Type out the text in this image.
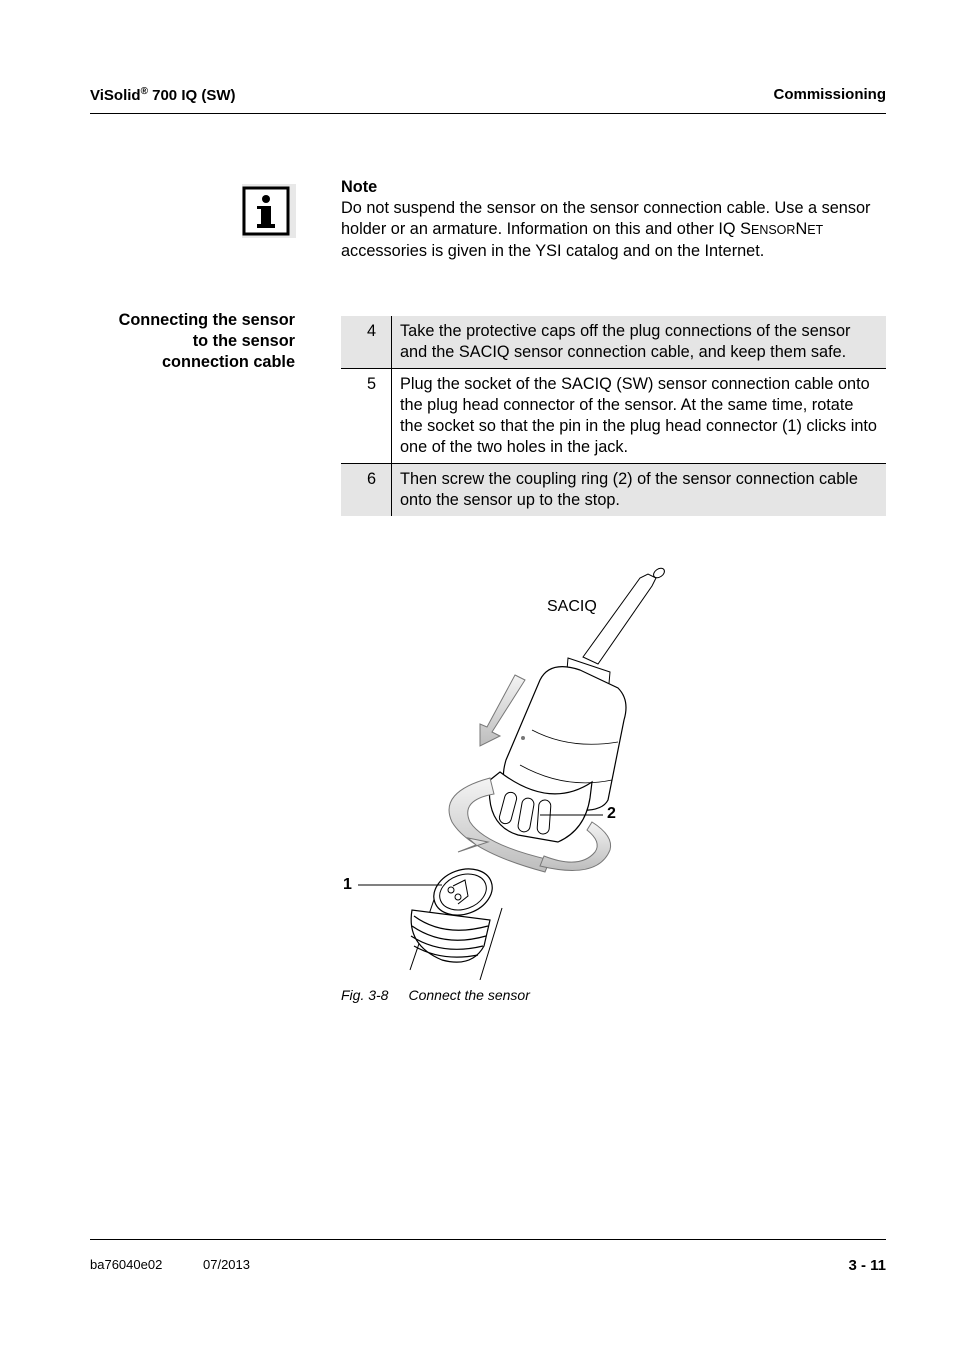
ViSolid® 700 IQ (SW)	Commissioning
Note
Do not suspend the sensor on the sensor connection cable. Use a sensor holder or an armature. Information on this and other IQ SENSORNET accessories is given in the YSI catalog and on the Internet.
Connecting the sensor
to the sensor
connection cable
4	Take the protective caps off the plug connections of the sensor and the SACIQ sensor connection cable, and keep them safe.
5	Plug the socket of the SACIQ (SW) sensor connection cable onto the plug head connector of the sensor. At the same time, rotate the socket so that the pin in the plug head connector (1) clicks into one of the two holes in the jack.
6	Then screw the coupling ring (2) of the sensor connection cable onto the sensor up to the stop.
SACIQ
1
2
Fig. 3-8 Connect the sensor
ba76040e02	07/2013	3 - 11
